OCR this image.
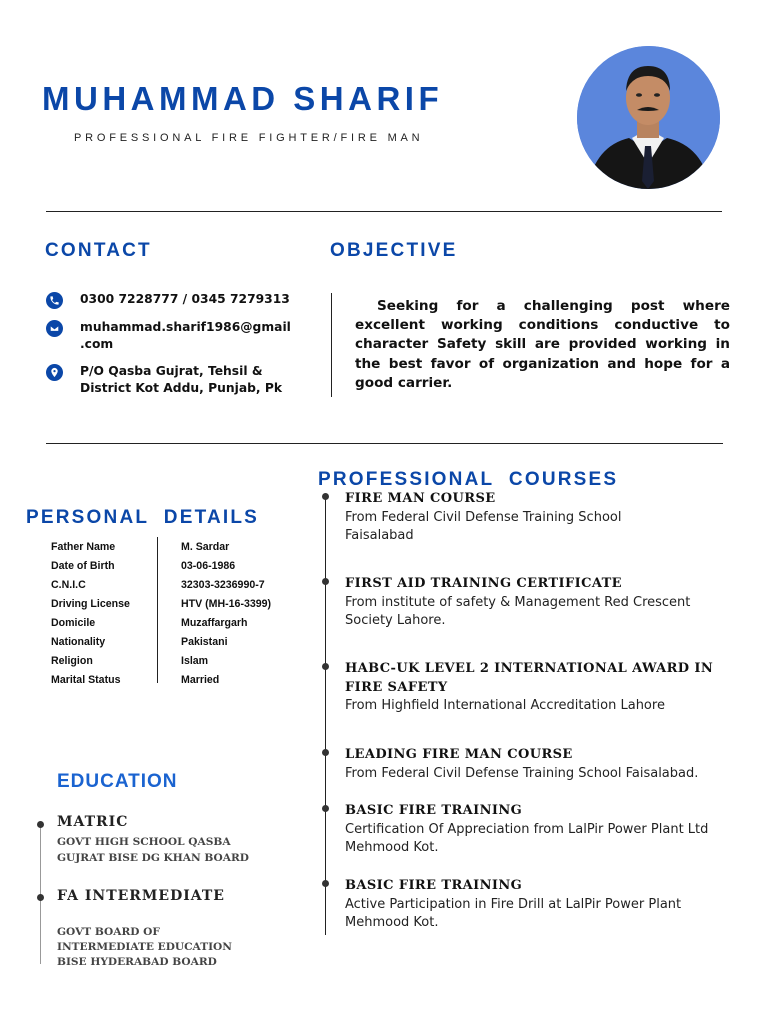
MUHAMMAD SHARIF
PROFESSIONAL FIRE FIGHTER/FIRE MAN
CONTACT
0300 7228777 / 0345 7279313
muhammad.sharif1986@gmail
.com
P/O Qasba Gujrat, Tehsil &
District Kot Addu, Punjab, Pk
OBJECTIVE
Seeking for a challenging post where excellent working conditions conductive to character Safety skill are provided working in the best favor of organization and hope for a good carrier.
PERSONAL  DETAILS
Father Name	M. Sardar
Date of Birth	03-06-1986
C.N.I.C	32303-3236990-7
Driving License	HTV (MH-16-3399)
Domicile	Muzaffargarh
Nationality	Pakistani
Religion	Islam
Marital Status	Married
EDUCATION
MATRIC
GOVT HIGH SCHOOL QASBA
GUJRAT BISE DG KHAN BOARD
FA INTERMEDIATE
GOVT BOARD OF
INTERMEDIATE EDUCATION
BISE HYDERABAD BOARD
PROFESSIONAL  COURSES
FIRE MAN COURSE
From Federal Civil Defense Training School Faisalabad
FIRST AID TRAINING CERTIFICATE
From institute of safety & Management Red Crescent Society Lahore.
HABC-UK LEVEL 2 INTERNATIONAL AWARD IN FIRE SAFETY
From Highfield International Accreditation Lahore
LEADING FIRE MAN COURSE
From Federal Civil Defense Training School Faisalabad.
BASIC FIRE TRAINING
Certification Of Appreciation from LalPir Power Plant Ltd Mehmood Kot.
BASIC FIRE TRAINING
Active Participation in Fire Drill at LalPir Power Plant Mehmood Kot.
